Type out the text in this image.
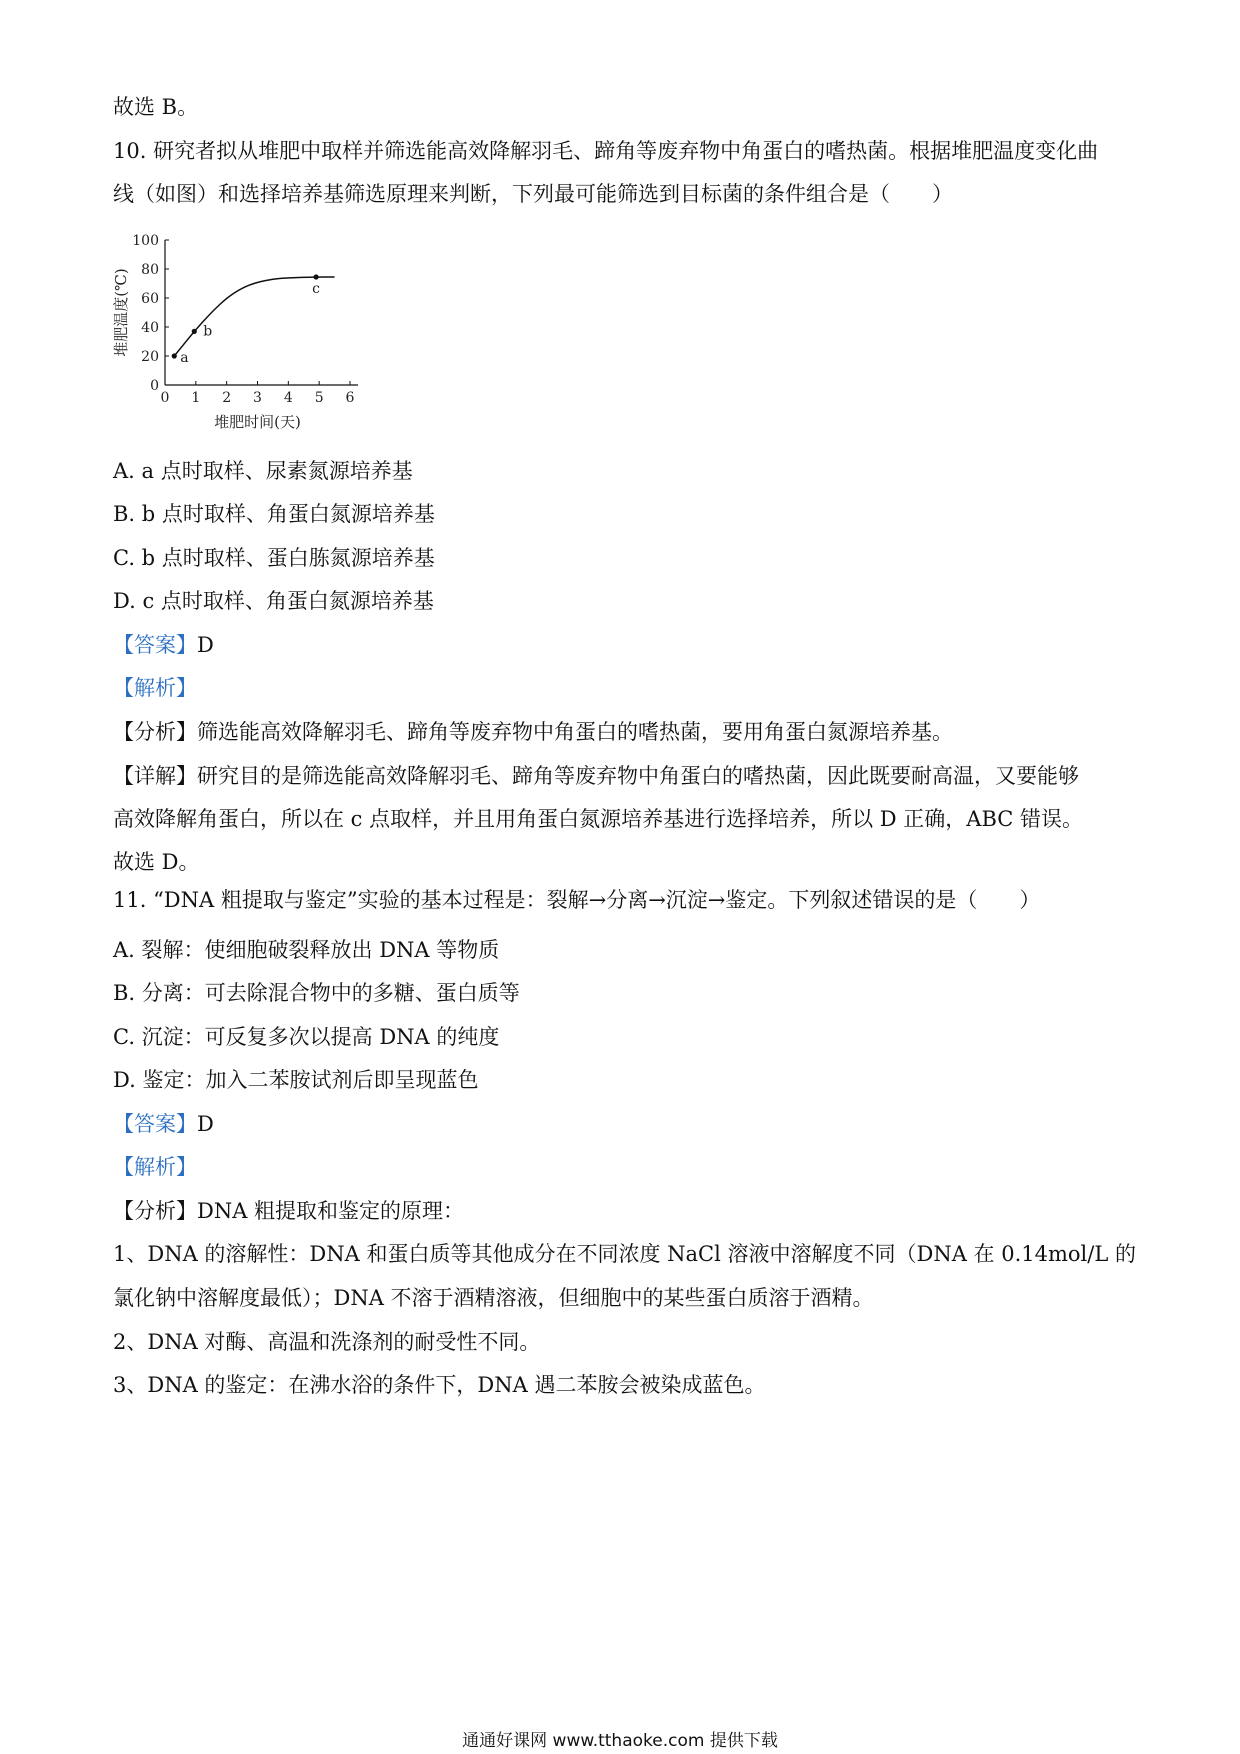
故选 B。
10. 研究者拟从堆肥中取样并筛选能高效降解羽毛、蹄角等废弃物中角蛋白的嗜热菌。根据堆肥温度变化曲
线（如图）和选择培养基筛选原理来判断，下列最可能筛选到目标菌的条件组合是（　　）
0 1 2 3 4 5 6
0
20
40
60
80
100
a
b
c
堆肥温度(℃)
堆肥时间(天)
A. a 点时取样、尿素氮源培养基
B. b 点时取样、角蛋白氮源培养基
C. b 点时取样、蛋白胨氮源培养基
D. c 点时取样、角蛋白氮源培养基
【答案】D
【解析】
【分析】筛选能高效降解羽毛、蹄角等废弃物中角蛋白的嗜热菌，要用角蛋白氮源培养基。
【详解】研究目的是筛选能高效降解羽毛、蹄角等废弃物中角蛋白的嗜热菌，因此既要耐高温，又要能够
高效降解角蛋白，所以在 c 点取样，并且用角蛋白氮源培养基进行选择培养，所以 D 正确，ABC 错误。
故选 D。
11. “DNA 粗提取与鉴定”实验的基本过程是：裂解→分离→沉淀→鉴定。下列叙述错误的是（　　）
A. 裂解：使细胞破裂释放出 DNA 等物质
B. 分离：可去除混合物中的多糖、蛋白质等
C. 沉淀：可反复多次以提高 DNA 的纯度
D. 鉴定：加入二苯胺试剂后即呈现蓝色
【答案】D
【解析】
【分析】DNA 粗提取和鉴定的原理：
1、DNA 的溶解性：DNA 和蛋白质等其他成分在不同浓度 NaCl 溶液中溶解度不同（DNA 在 0.14mol/L 的
氯化钠中溶解度最低）；DNA 不溶于酒精溶液，但细胞中的某些蛋白质溶于酒精。
2、DNA 对酶、高温和洗涤剂的耐受性不同。
3、DNA 的鉴定：在沸水浴的条件下，DNA 遇二苯胺会被染成蓝色。
通通好课网 www.tthaoke.com 提供下载
